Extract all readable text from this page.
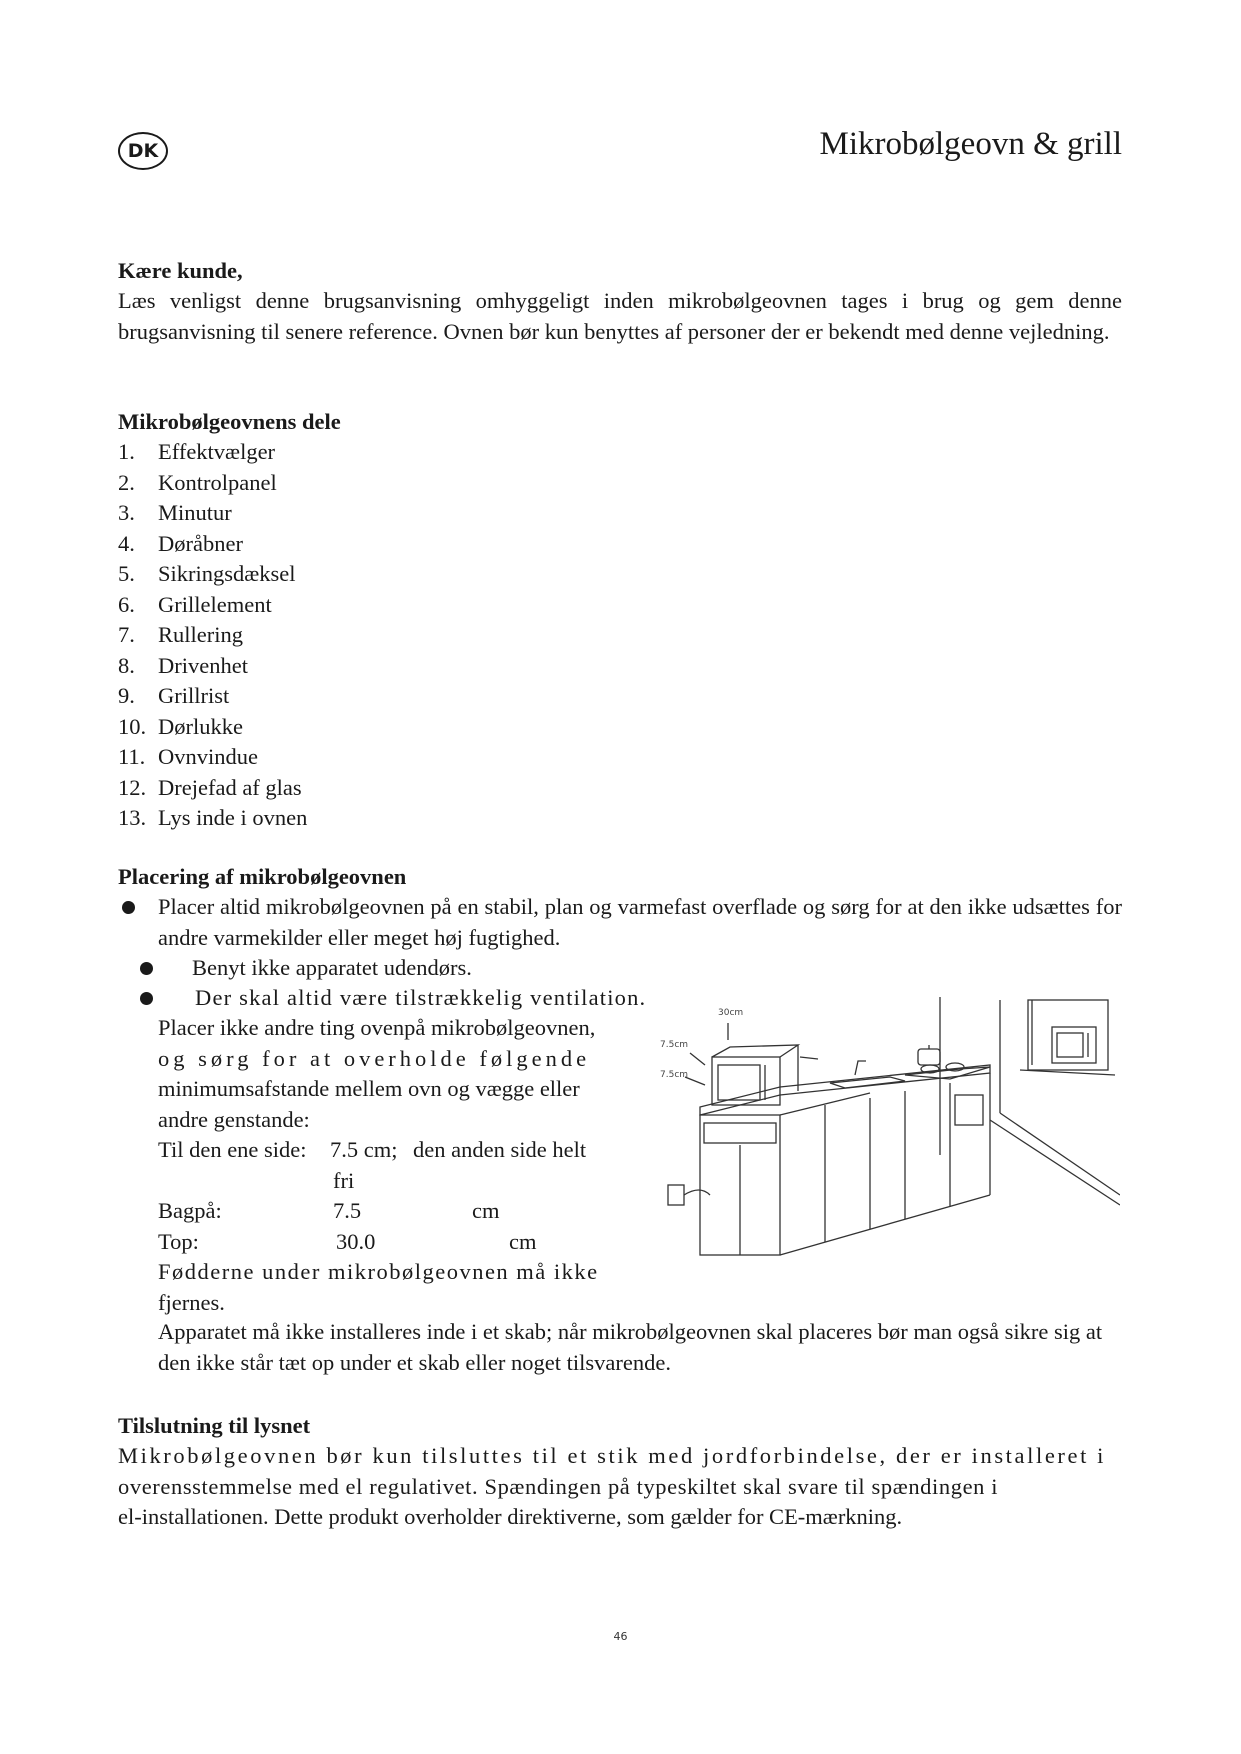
DK	Mikrobølgeovn & grill
Kære kunde,
Læs venligst denne brugsanvisning omhyggeligt inden mikrobølgeovnen tages i brug og gem denne brugsanvisning til senere reference. Ovnen bør kun benyttes af personer der er bekendt med denne vejledning.
Mikrobølgeovnens dele
1. Effektvælger
2. Kontrolpanel
3. Minutur
4. Døråbner
5. Sikringsdæksel
6. Grillelement
7. Rullering
8. Drivenhet
9. Grillrist
10. Dørlukke
11. Ovnvindue
12. Drejefad af glas
13. Lys inde i ovnen
Placering af mikrobølgeovnen
Placer altid mikrobølgeovnen på en stabil, plan og varmefast overflade og sørg for at den ikke udsættes for andre varmekilder eller meget høj fugtighed.
Benyt ikke apparatet udendørs.
Der skal altid være tilstrækkelig ventilation.
Placer ikke andre ting ovenpå mikrobølgeovnen,
og sørg for at overholde følgende
minimumsafstande mellem ovn og vægge eller
andre genstande:
Til den ene side: 7.5 cm; den anden side helt
fri
Bagpå:	7.5	cm
Top:	30.0	cm
Fødderne under mikrobølgeovnen må ikke
fjernes.
Apparatet må ikke installeres inde i et skab; når mikrobølgeovnen skal placeres bør man også sikre sig at den ikke står tæt op under et skab eller noget tilsvarende.
30cm
7.5cm
7.5cm
Tilslutning til lysnet
Mikrobølgeovnen bør kun tilsluttes til et stik med jordforbindelse, der er installeret i
overensstemmelse med el regulativet. Spændingen på typeskiltet skal svare til spændingen i
el-installationen. Dette produkt overholder direktiverne, som gælder for CE-mærkning.
46
